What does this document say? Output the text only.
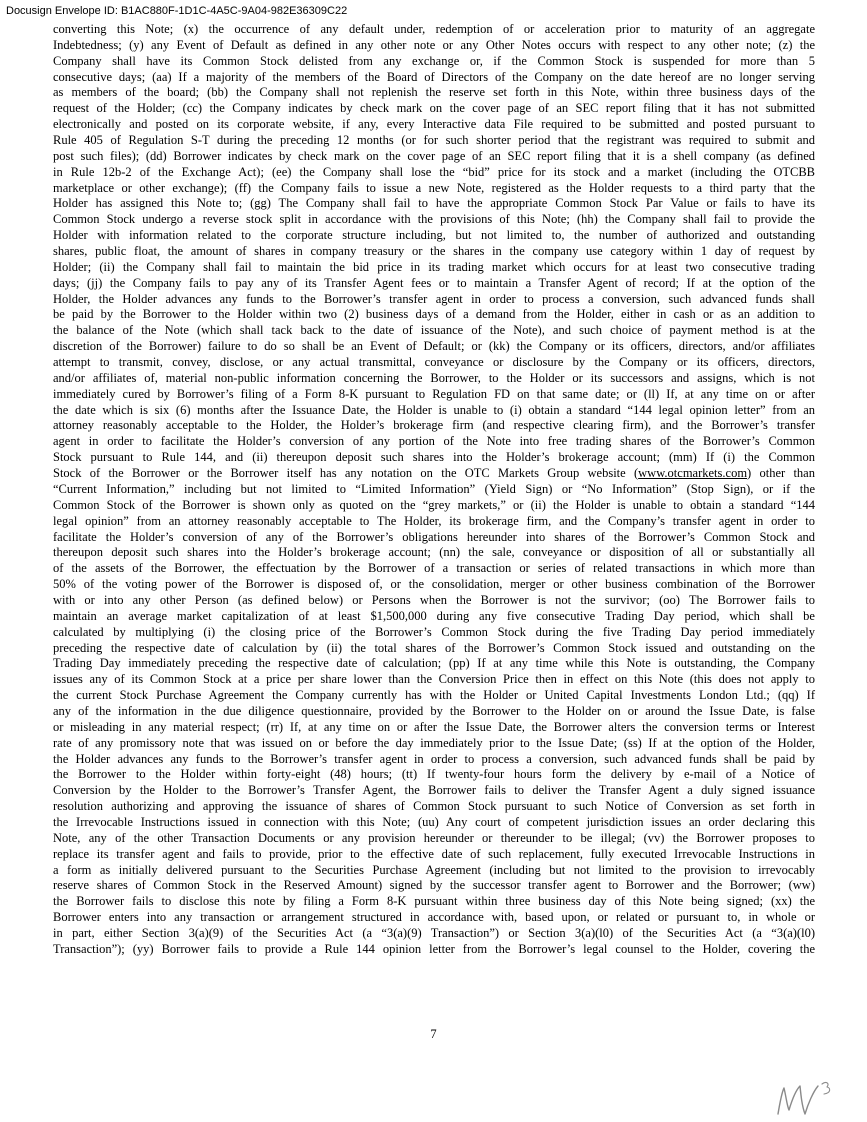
Docusign Envelope ID: B1AC880F-1D1C-4A5C-9A04-982E36309C22
converting this Note; (x) the occurrence of any default under, redemption of or acceleration prior to maturity of an aggregate
Indebtedness; (y) any Event of Default as defined in any other note or any Other Notes occurs with respect to any other note; (z) the
Company shall have its Common Stock delisted from any exchange or, if the Common Stock is suspended for more than 5
consecutive days; (aa) If a majority of the members of the Board of Directors of the Company on the date hereof are no longer serving
as members of the board; (bb) the Company shall not replenish the reserve set forth in this Note, within three business days of the
request of the Holder; (cc) the Company indicates by check mark on the cover page of an SEC report filing that it has not submitted
electronically and posted on its corporate website, if any, every Interactive data File required to be submitted and posted pursuant to
Rule 405 of Regulation S-T during the preceding 12 months (or for such shorter period that the registrant was required to submit and
post such files); (dd) Borrower indicates by check mark on the cover page of an SEC report filing that it is a shell company (as defined
in Rule 12b-2 of the Exchange Act); (ee) the Company shall lose the “bid” price for its stock and a market (including the OTCBB
marketplace or other exchange); (ff) the Company fails to issue a new Note, registered as the Holder requests to a third party that the
Holder has assigned this Note to; (gg) The Company shall fail to have the appropriate Common Stock Par Value or fails to have its
Common Stock undergo a reverse stock split in accordance with the provisions of this Note; (hh) the Company shall fail to provide the
Holder with information related to the corporate structure including, but not limited to, the number of authorized and outstanding
shares, public float, the amount of shares in company treasury or the shares in the company use category within 1 day of request by
Holder; (ii) the Company shall fail to maintain the bid price in its trading market which occurs for at least two consecutive trading
days; (jj) the Company fails to pay any of its Transfer Agent fees or to maintain a Transfer Agent of record; If at the option of the
Holder, the Holder advances any funds to the Borrower’s transfer agent in order to process a conversion, such advanced funds shall
be paid by the Borrower to the Holder within two (2) business days of a demand from the Holder, either in cash or as an addition to
the balance of the Note (which shall tack back to the date of issuance of the Note), and such choice of payment method is at the
discretion of the Borrower) failure to do so shall be an Event of Default; or (kk) the Company or its officers, directors, and/or affiliates
attempt to transmit, convey, disclose, or any actual transmittal, conveyance or disclosure by the Company or its officers, directors,
and/or affiliates of, material non-public information concerning the Borrower, to the Holder or its successors and assigns, which is not
immediately cured by Borrower’s filing of a Form 8-K pursuant to Regulation FD on that same date; or (ll) If, at any time on or after
the date which is six (6) months after the Issuance Date, the Holder is unable to (i) obtain a standard “144 legal opinion letter” from an
attorney reasonably acceptable to the Holder, the Holder’s brokerage firm (and respective clearing firm), and the Borrower’s transfer
agent in order to facilitate the Holder’s conversion of any portion of the Note into free trading shares of the Borrower’s Common
Stock pursuant to Rule 144, and (ii) thereupon deposit such shares into the Holder’s brokerage account; (mm) If (i) the Common
Stock of the Borrower or the Borrower itself has any notation on the OTC Markets Group website (www.otcmarkets.com) other than
“Current Information,” including but not limited to “Limited Information” (Yield Sign) or “No Information” (Stop Sign), or if the
Common Stock of the Borrower is shown only as quoted on the “grey markets,” or (ii) the Holder is unable to obtain a standard “144
legal opinion” from an attorney reasonably acceptable to The Holder, its brokerage firm, and the Company’s transfer agent in order to
facilitate the Holder’s conversion of any of the Borrower’s obligations hereunder into shares of the Borrower’s Common Stock and
thereupon deposit such shares into the Holder’s brokerage account; (nn) the sale, conveyance or disposition of all or substantially all
of the assets of the Borrower, the effectuation by the Borrower of a transaction or series of related transactions in which more than
50% of the voting power of the Borrower is disposed of, or the consolidation, merger or other business combination of the Borrower
with or into any other Person (as defined below) or Persons when the Borrower is not the survivor; (oo) The Borrower fails to
maintain an average market capitalization of at least $1,500,000 during any five consecutive Trading Day period, which shall be
calculated by multiplying (i) the closing price of the Borrower’s Common Stock during the five Trading Day period immediately
preceding the respective date of calculation by (ii) the total shares of the Borrower’s Common Stock issued and outstanding on the
Trading Day immediately preceding the respective date of calculation; (pp) If at any time while this Note is outstanding, the Company
issues any of its Common Stock at a price per share lower than the Conversion Price then in effect on this Note (this does not apply to
the current Stock Purchase Agreement the Company currently has with the Holder or United Capital Investments London Ltd.; (qq) If
any of the information in the due diligence questionnaire, provided by the Borrower to the Holder on or around the Issue Date, is false
or misleading in any material respect; (rr) If, at any time on or after the Issue Date, the Borrower alters the conversion terms or Interest
rate of any promissory note that was issued on or before the day immediately prior to the Issue Date; (ss) If at the option of the Holder,
the Holder advances any funds to the Borrower’s transfer agent in order to process a conversion, such advanced funds shall be paid by
the Borrower to the Holder within forty-eight (48) hours; (tt) If twenty-four hours form the delivery by e-mail of a Notice of
Conversion by the Holder to the Borrower’s Transfer Agent, the Borrower fails to deliver the Transfer Agent a duly signed issuance
resolution authorizing and approving the issuance of shares of Common Stock pursuant to such Notice of Conversion as set forth in
the Irrevocable Instructions issued in connection with this Note; (uu) Any court of competent jurisdiction issues an order declaring this
Note, any of the other Transaction Documents or any provision hereunder or thereunder to be illegal; (vv) the Borrower proposes to
replace its transfer agent and fails to provide, prior to the effective date of such replacement, fully executed Irrevocable Instructions in
a form as initially delivered pursuant to the Securities Purchase Agreement (including but not limited to the provision to irrevocably
reserve shares of Common Stock in the Reserved Amount) signed by the successor transfer agent to Borrower and the Borrower; (ww)
the Borrower fails to disclose this note by filing a Form 8-K pursuant within three business day of this Note being signed; (xx) the
Borrower enters into any transaction or arrangement structured in accordance with, based upon, or related or pursuant to, in whole or
in part, either Section 3(a)(9) of the Securities Act (a “3(a)(9) Transaction”) or Section 3(a)(l0) of the Securities Act (a “3(a)(l0)
Transaction”); (yy) Borrower fails to provide a Rule 144 opinion letter from the Borrower’s legal counsel to the Holder, covering the
7
